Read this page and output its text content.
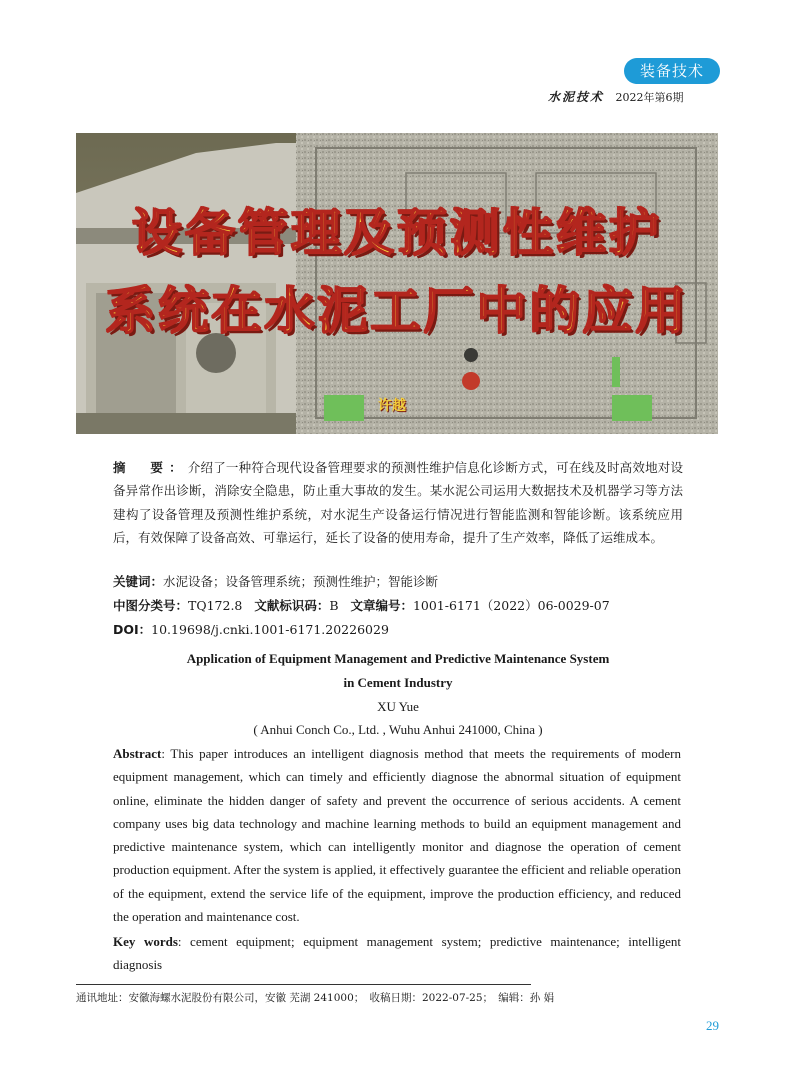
装备技术
水泥技术 2022年第6期
设备管理及预测性维护
系统在水泥工厂中的应用
许越
摘　要：介绍了一种符合现代设备管理要求的预测性维护信息化诊断方式，可在线及时高效地对设备异常作出诊断，消除安全隐患，防止重大事故的发生。某水泥公司运用大数据技术及机器学习等方法建构了设备管理及预测性维护系统，对水泥生产设备运行情况进行智能监测和智能诊断。该系统应用后，有效保障了设备高效、可靠运行，延长了设备的使用寿命，提升了生产效率，降低了运维成本。
关键词：水泥设备；设备管理系统；预测性维护；智能诊断
中图分类号：TQ172.8 文献标识码：B 文章编号：1001-6171（2022）06-0029-07
DOI：10.19698/j.cnki.1001-6171.20226029
Application of Equipment Management and Predictive Maintenance System
in Cement Industry
XU Yue
( Anhui Conch Co., Ltd. , Wuhu Anhui 241000, China )
Abstract: This paper introduces an intelligent diagnosis method that meets the requirements of modern equipment management, which can timely and efficiently diagnose the abnormal situation of equipment online, eliminate the hidden danger of safety and prevent the occurrence of serious accidents. A cement company uses big data technology and machine learning methods to build an equipment management and predictive maintenance system, which can intelligently monitor and diagnose the operation of cement production equipment. After the system is applied, it effectively guarantee the efficient and reliable operation of the equipment, extend the service life of the equipment, improve the production efficiency, and reduced the operation and maintenance cost.
Key words: cement equipment; equipment management system; predictive maintenance; intelligent diagnosis
通讯地址：安徽海螺水泥股份有限公司，安徽 芜湖 241000；　收稿日期：2022-07-25；　编辑：孙 娟
29
